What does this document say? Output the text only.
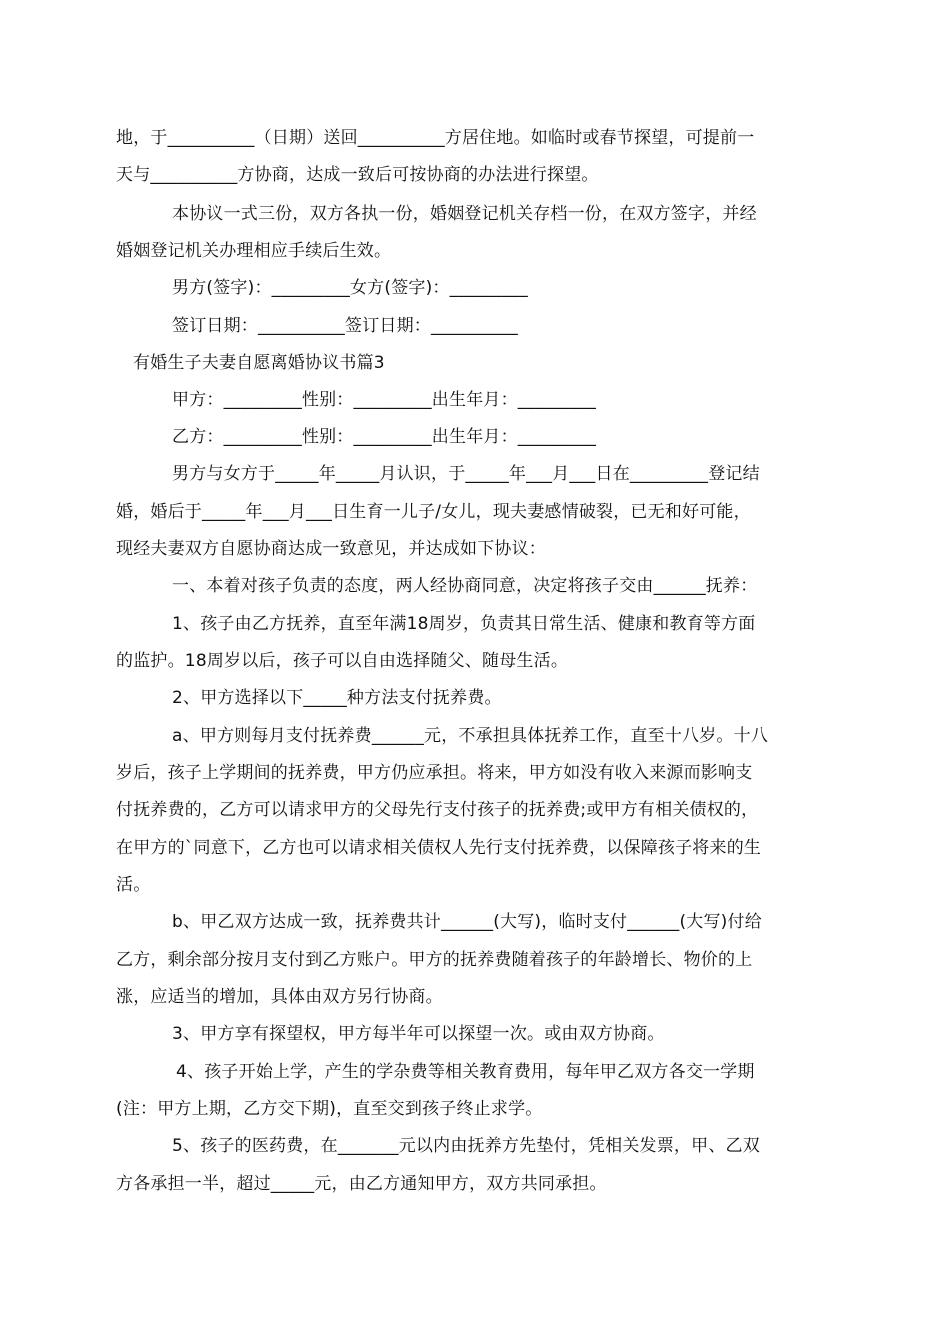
地，于__________（日期）送回__________方居住地。如临时或春节探望，可提前一
天与__________方协商，达成一致后可按协商的办法进行探望。
本协议一式三份，双方各执一份，婚姻登记机关存档一份，在双方签字，并经
婚姻登记机关办理相应手续后生效。
男方(签字)：_________女方(签字)：_________
签订日期：__________签订日期：__________
有婚生子夫妻自愿离婚协议书篇3
甲方：_________性别：_________出生年月：_________
乙方：_________性别：_________出生年月：_________
男方与女方于_____年_____月认识，于_____年___月___日在_________登记结
婚，婚后于_____年___月___日生育一儿子/女儿，现夫妻感情破裂，已无和好可能，
现经夫妻双方自愿协商达成一致意见，并达成如下协议：
一、本着对孩子负责的态度，两人经协商同意，决定将孩子交由______抚养：
1、孩子由乙方抚养，直至年满18周岁，负责其日常生活、健康和教育等方面
的监护。18周岁以后，孩子可以自由选择随父、随母生活。
2、甲方选择以下_____种方法支付抚养费。
a、甲方则每月支付抚养费______元，不承担具体抚养工作，直至十八岁。十八
岁后，孩子上学期间的抚养费，甲方仍应承担。将来，甲方如没有收入来源而影响支
付抚养费的，乙方可以请求甲方的父母先行支付孩子的抚养费;或甲方有相关债权的，
在甲方的`同意下，乙方也可以请求相关债权人先行支付抚养费，以保障孩子将来的生
活。
b、甲乙双方达成一致，抚养费共计______(大写)，临时支付______(大写)付给
乙方，剩余部分按月支付到乙方账户。甲方的抚养费随着孩子的年龄增长、物价的上
涨，应适当的增加，具体由双方另行协商。
3、甲方享有探望权，甲方每半年可以探望一次。或由双方协商。
4、孩子开始上学，产生的学杂费等相关教育费用，每年甲乙双方各交一学期
(注：甲方上期，乙方交下期)，直至交到孩子终止求学。
5、孩子的医药费，在_______元以内由抚养方先垫付，凭相关发票，甲、乙双
方各承担一半，超过_____元，由乙方通知甲方，双方共同承担。
